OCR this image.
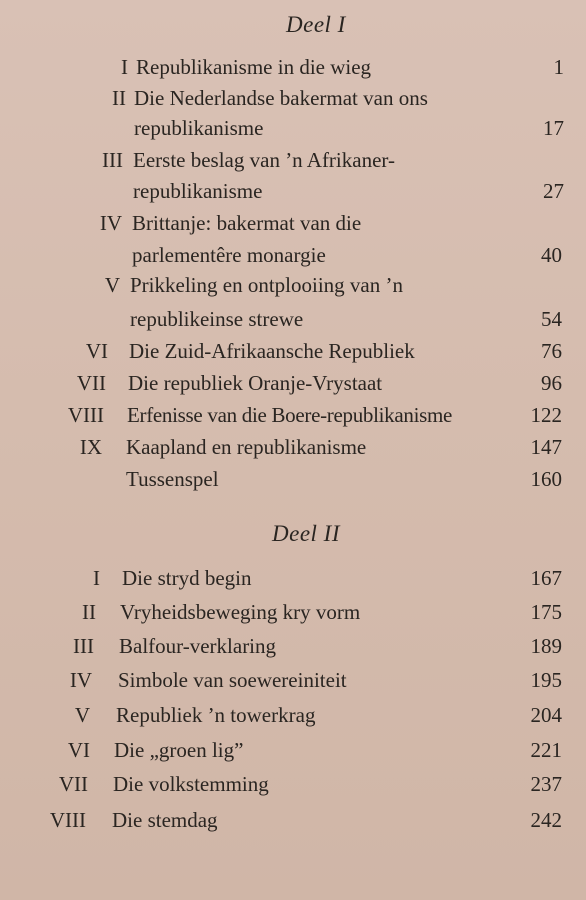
Deel I
I Republikanisme in die wieg	1
II Die Nederlandse bakermat van ons
republikanisme	17
III Eerste beslag van ’n Afrikaner-
republikanisme	27
IV Brittanje: bakermat van die
parlementêre monargie	40
V Prikkeling en ontplooiing van ’n
republikeinse strewe	54
VI Die Zuid-Afrikaansche Republiek	76
VII Die republiek Oranje-Vrystaat	96
VIII Erfenisse van die Boere-republikanisme	122
IX Kaapland en republikanisme	147
Tussenspel	160
Deel II
I Die stryd begin	167
II Vryheidsbeweging kry vorm	175
III Balfour-verklaring	189
IV Simbole van soewereiniteit	195
V Republiek ’n towerkrag	204
VI Die „groen lig”	221
VII Die volkstemming	237
VIII Die stemdag	242
